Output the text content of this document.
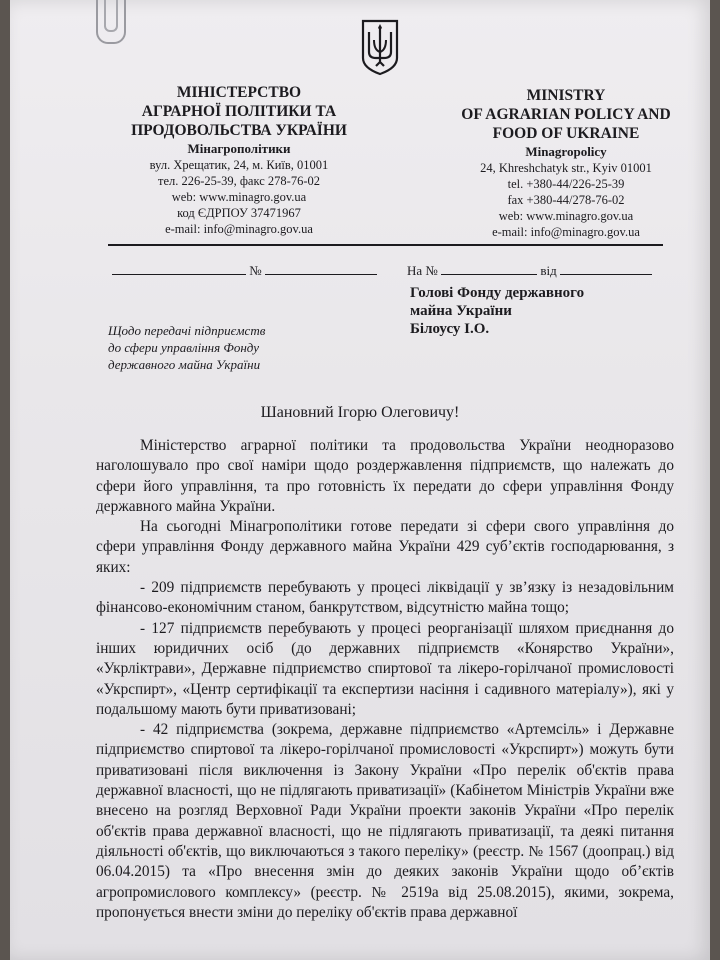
МІНІСТЕРСТВО
АГРАРНОЇ ПОЛІТИКИ ТА
ПРОДОВОЛЬСТВА УКРАЇНИ
Мінагрополітики
вул. Хрещатик, 24, м. Київ, 01001
тел. 226-25-39, факс 278-76-02
web: www.minagro.gov.ua
код ЄДРПОУ 37471967
e-mail: info@minagro.gov.ua
MINISTRY
OF AGRARIAN POLICY AND
FOOD OF UKRAINE
Minagropolicy
24, Khreshchatyk str., Kyiv 01001
tel. +380-44/226-25-39
fax +380-44/278-76-02
web: www.minagro.gov.ua
e-mail: info@minagro.gov.ua
№	На №	від
Голові Фонду державного
майна України
Білоусу І.О.
Щодо передачі підприємств
до сфери управління Фонду
державного майна України
Шановний Ігорю Олеговичу!

Міністерство аграрної політики та продовольства України неодноразово наголошувало про свої наміри щодо роздержавлення підприємств, що належать до сфери його управління, та про готовність їх передати до сфери управління Фонду державного майна України.

На сьогодні Мінагрополітики готове передати зі сфери свого управління до сфери управління Фонду державного майна України 429 суб’єктів господарювання, з яких:

- 209 підприємств перебувають у процесі ліквідації у зв’язку із незадовільним фінансово-економічним станом, банкрутством, відсутністю майна тощо;

- 127 підприємств перебувають у процесі реорганізації шляхом приєднання до інших юридичних осіб (до державних підприємств «Конярство України», «Укрліктрави», Державне підприємство спиртової та лікеро-горілчаної промисловості «Укрспирт», «Центр сертифікації та експертизи насіння і садивного матеріалу»), які у подальшому мають бути приватизовані;

- 42 підприємства (зокрема, державне підприємство «Артемсіль» і Державне підприємство спиртової та лікеро-горілчаної промисловості «Укрспирт») можуть бути приватизовані після виключення із Закону України «Про перелік об'єктів права державної власності, що не підлягають приватизації» (Кабінетом Міністрів України вже внесено на розгляд Верховної Ради України проекти законів України «Про перелік об'єктів права державної власності, що не підлягають приватизації, та деякі питання діяльності об'єктів, що виключаються з такого переліку» (реєстр. № 1567 (доопрац.) від 06.04.2015) та «Про внесення змін до деяких законів України щодо об’єктів агропромислового комплексу» (реєстр. № 2519а від 25.08.2015), якими, зокрема, пропонується внести зміни до переліку об'єктів права державної
